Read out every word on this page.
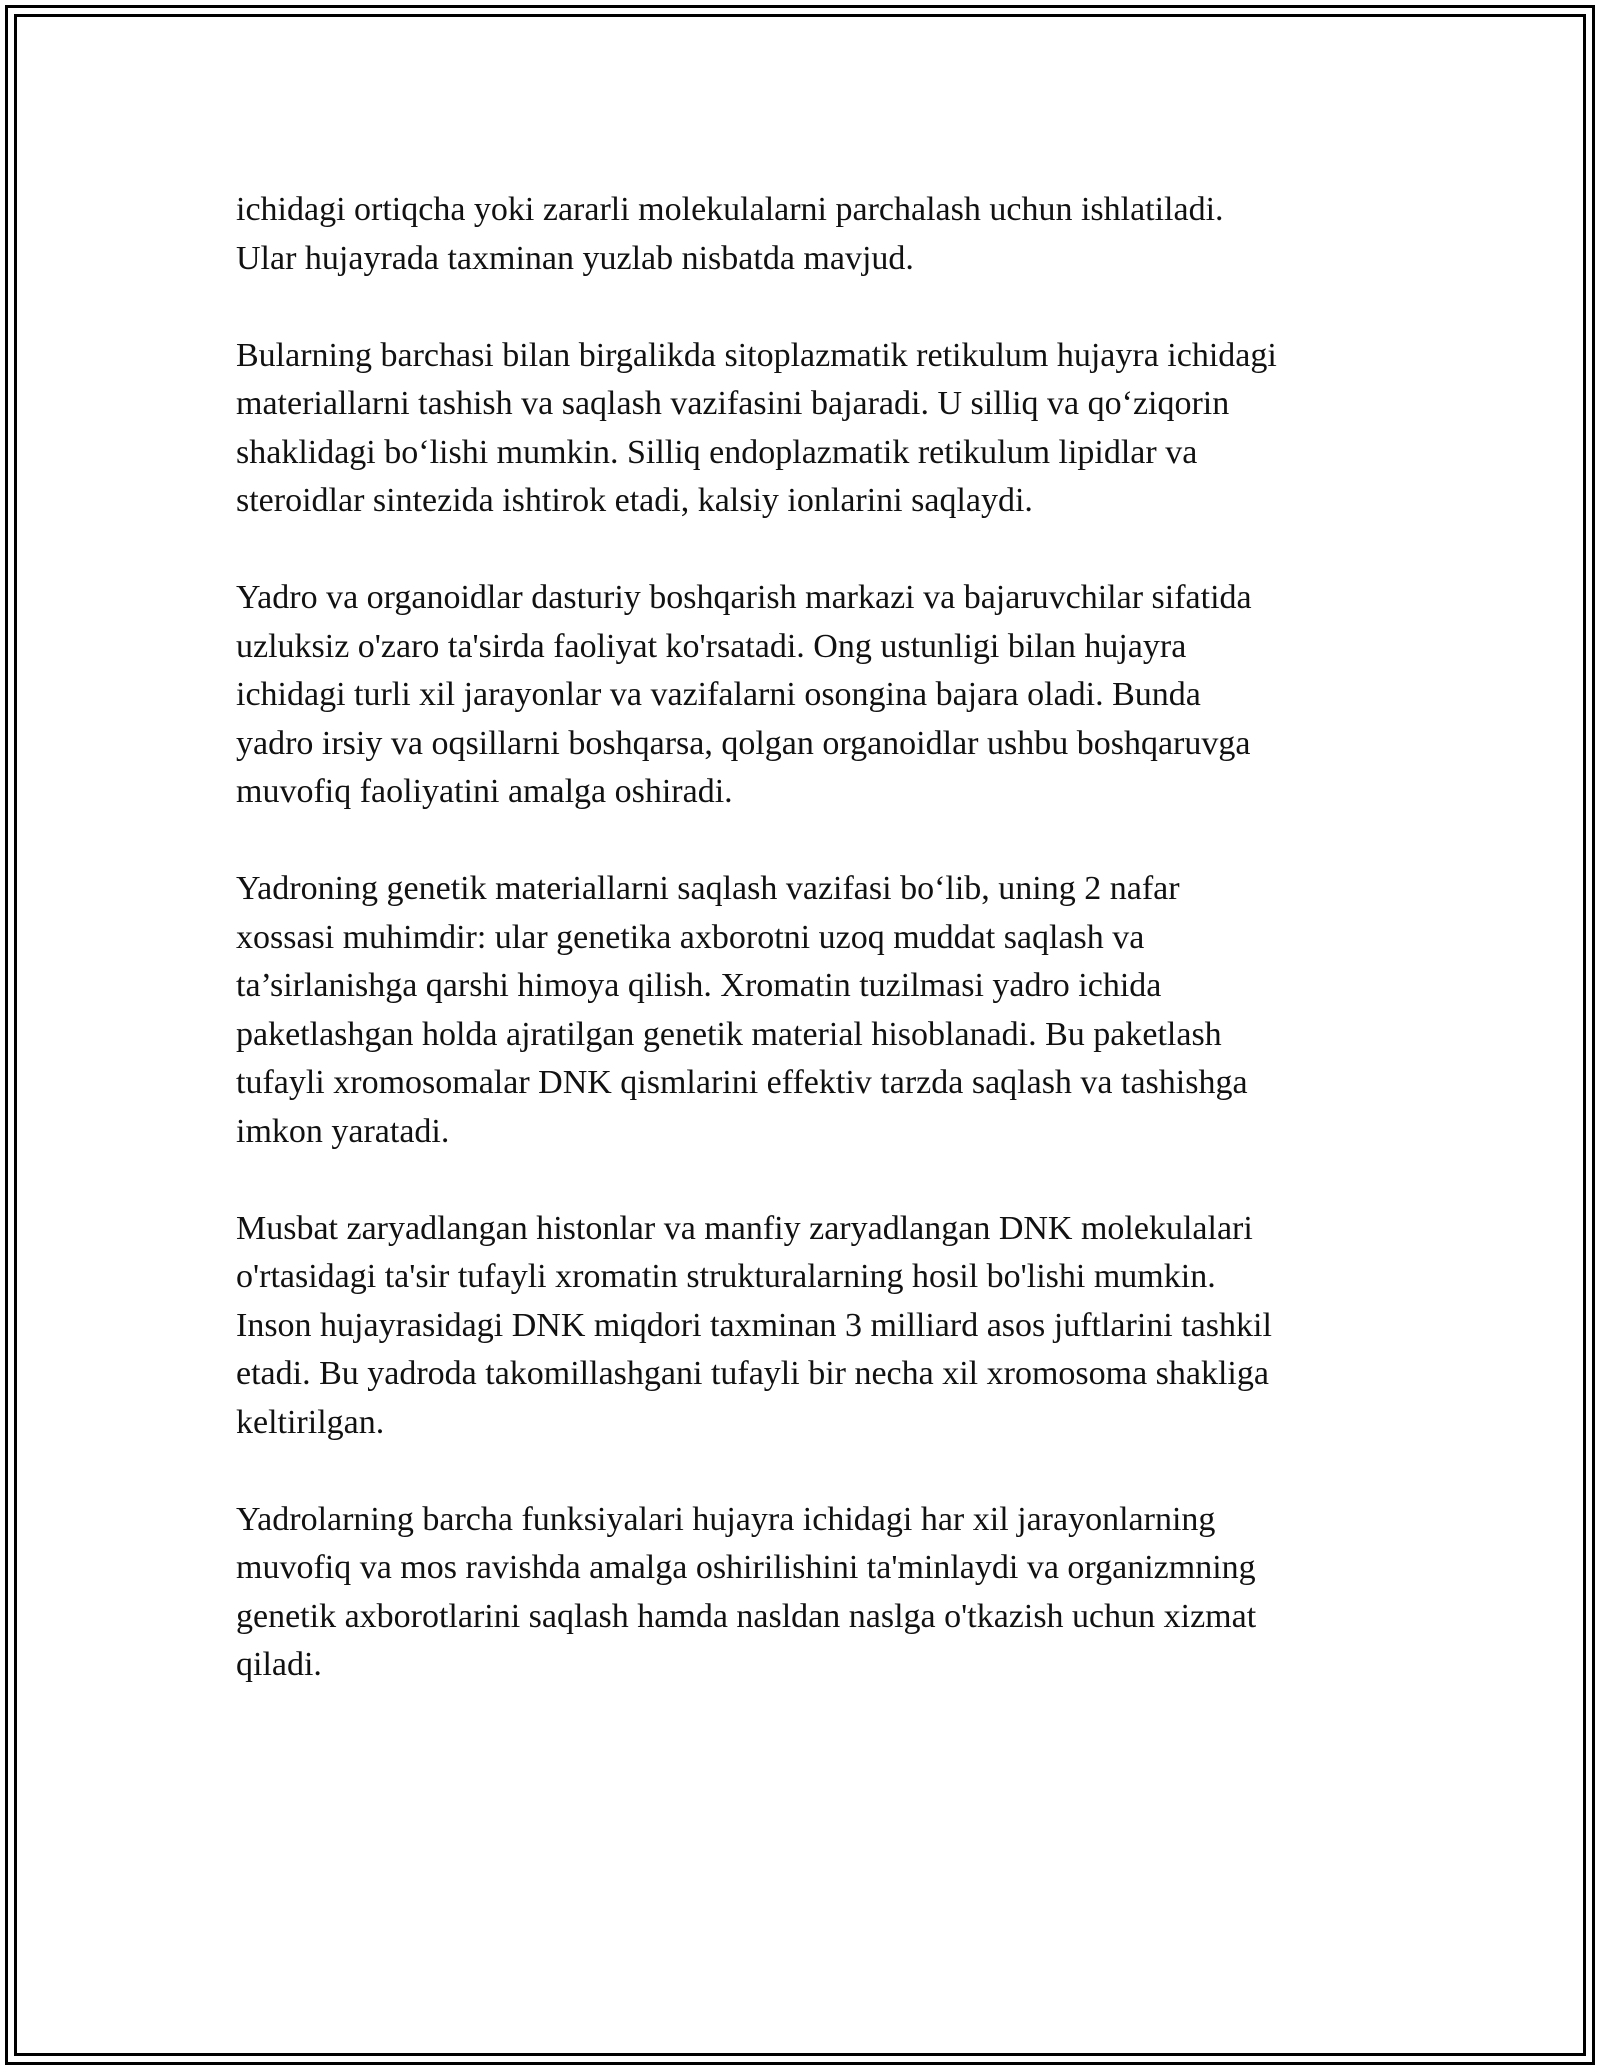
ichidagi ortiqcha yoki zararli molekulalarni parchalash uchun ishlatiladi.
Ular hujayrada taxminan yuzlab nisbatda mavjud.

Bularning barchasi bilan birgalikda sitoplazmatik retikulum hujayra ichidagi
materiallarni tashish va saqlash vazifasini bajaradi. U silliq va qo‘ziqorin
shaklidagi bo‘lishi mumkin. Silliq endoplazmatik retikulum lipidlar va
steroidlar sintezida ishtirok etadi, kalsiy ionlarini saqlaydi.

Yadro va organoidlar dasturiy boshqarish markazi va bajaruvchilar sifatida
uzluksiz o'zaro ta'sirda faoliyat ko'rsatadi. Ong ustunligi bilan hujayra
ichidagi turli xil jarayonlar va vazifalarni osongina bajara oladi. Bunda
yadro irsiy va oqsillarni boshqarsa, qolgan organoidlar ushbu boshqaruvga
muvofiq faoliyatini amalga oshiradi.

Yadroning genetik materiallarni saqlash vazifasi bo‘lib, uning 2 nafar
xossasi muhimdir: ular genetika axborotni uzoq muddat saqlash va
ta’sirlanishga qarshi himoya qilish. Xromatin tuzilmasi yadro ichida
paketlashgan holda ajratilgan genetik material hisoblanadi. Bu paketlash
tufayli xromosomalar DNK qismlarini effektiv tarzda saqlash va tashishga
imkon yaratadi.

Musbat zaryadlangan histonlar va manfiy zaryadlangan DNK molekulalari
o'rtasidagi ta'sir tufayli xromatin strukturalarning hosil bo'lishi mumkin.
Inson hujayrasidagi DNK miqdori taxminan 3 milliard asos juftlarini tashkil
etadi. Bu yadroda takomillashgani tufayli bir necha xil xromosoma shakliga
keltirilgan.

Yadrolarning barcha funksiyalari hujayra ichidagi har xil jarayonlarning
muvofiq va mos ravishda amalga oshirilishini ta'minlaydi va organizmning
genetik axborotlarini saqlash hamda nasldan naslga o'tkazish uchun xizmat
qiladi.
